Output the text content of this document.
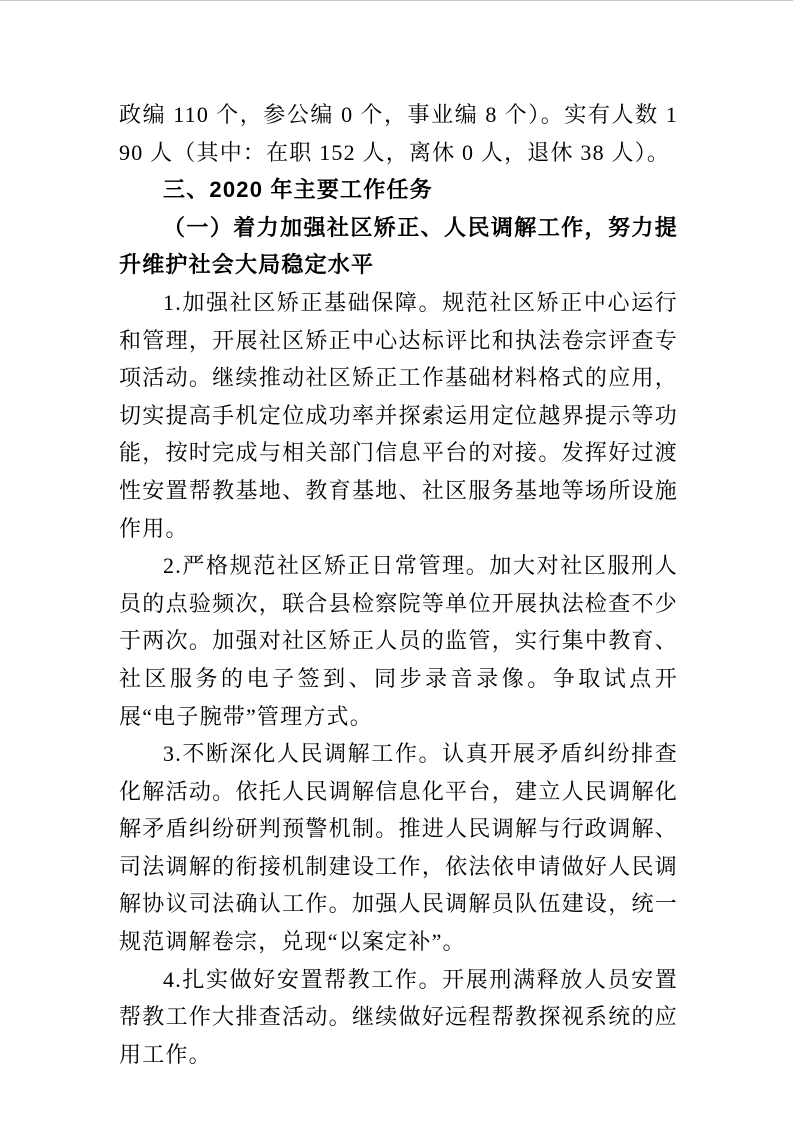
政编 110 个，参公编 0 个，事业编 8 个）。实有人数 190 人（其中：在职 152 人，离休 0 人，退休 38 人）。

三、2020 年主要工作任务

（一）着力加强社区矫正、人民调解工作，努力提升维护社会大局稳定水平

1.加强社区矫正基础保障。规范社区矫正中心运行和管理，开展社区矫正中心达标评比和执法卷宗评查专项活动。继续推动社区矫正工作基础材料格式的应用，切实提高手机定位成功率并探索运用定位越界提示等功能，按时完成与相关部门信息平台的对接。发挥好过渡性安置帮教基地、教育基地、社区服务基地等场所设施作用。

2.严格规范社区矫正日常管理。加大对社区服刑人员的点验频次，联合县检察院等单位开展执法检查不少于两次。加强对社区矫正人员的监管，实行集中教育、社区服务的电子签到、同步录音录像。争取试点开展“电子腕带”管理方式。

3.不断深化人民调解工作。认真开展矛盾纠纷排查化解活动。依托人民调解信息化平台，建立人民调解化解矛盾纠纷研判预警机制。推进人民调解与行政调解、司法调解的衔接机制建设工作，依法依申请做好人民调解协议司法确认工作。加强人民调解员队伍建设，统一规范调解卷宗，兑现“以案定补”。

4.扎实做好安置帮教工作。开展刑满释放人员安置帮教工作大排查活动。继续做好远程帮教探视系统的应用工作。
